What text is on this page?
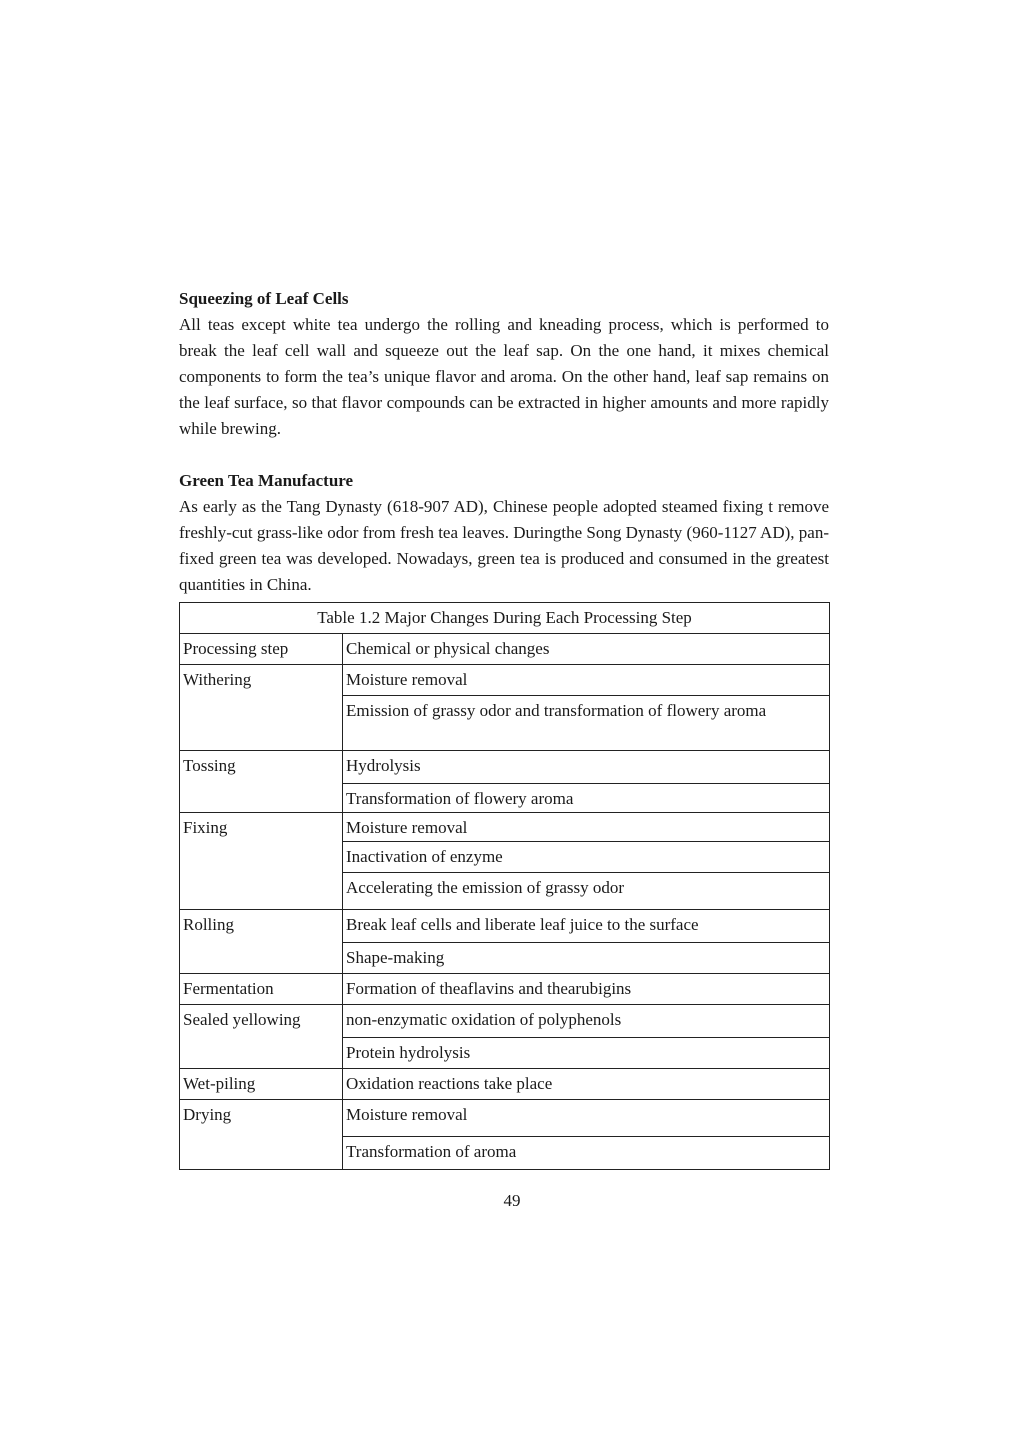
Squeezing of Leaf Cells

All teas except white tea undergo the rolling and kneading process, which is performed to break the leaf cell wall and squeeze out the leaf sap. On the one hand, it mixes chemical components to form the tea’s unique flavor and aroma. On the other hand, leaf sap remains on the leaf surface, so that flavor compounds can be extracted in higher amounts and more rapidly while brewing.

Green Tea Manufacture

As early as the Tang Dynasty (618-907 AD), Chinese people adopted steamed fixing t remove freshly-cut grass-like odor from fresh tea leaves. Duringthe Song Dynasty (960-1127 AD), pan-fixed green tea was developed. Nowadays, green tea is produced and consumed in the greatest quantities in China.

Table 1.2 Major Changes During Each Processing Step	
Processing step	Chemical or physical changes
Withering	Moisture removal
	Emission of grassy odor and transformation of flowery aroma
Tossing	Hydrolysis
	Transformation of flowery aroma
Fixing	Moisture removal
	Inactivation of enzyme
	Accelerating the emission of grassy odor
Rolling	Break leaf cells and liberate leaf juice to the surface
	Shape-making
Fermentation	Formation of theaflavins and thearubigins
Sealed yellowing	non-enzymatic oxidation of polyphenols
	Protein hydrolysis
Wet-piling	Oxidation reactions take place
Drying	Moisture removal
	Transformation of aroma
49
